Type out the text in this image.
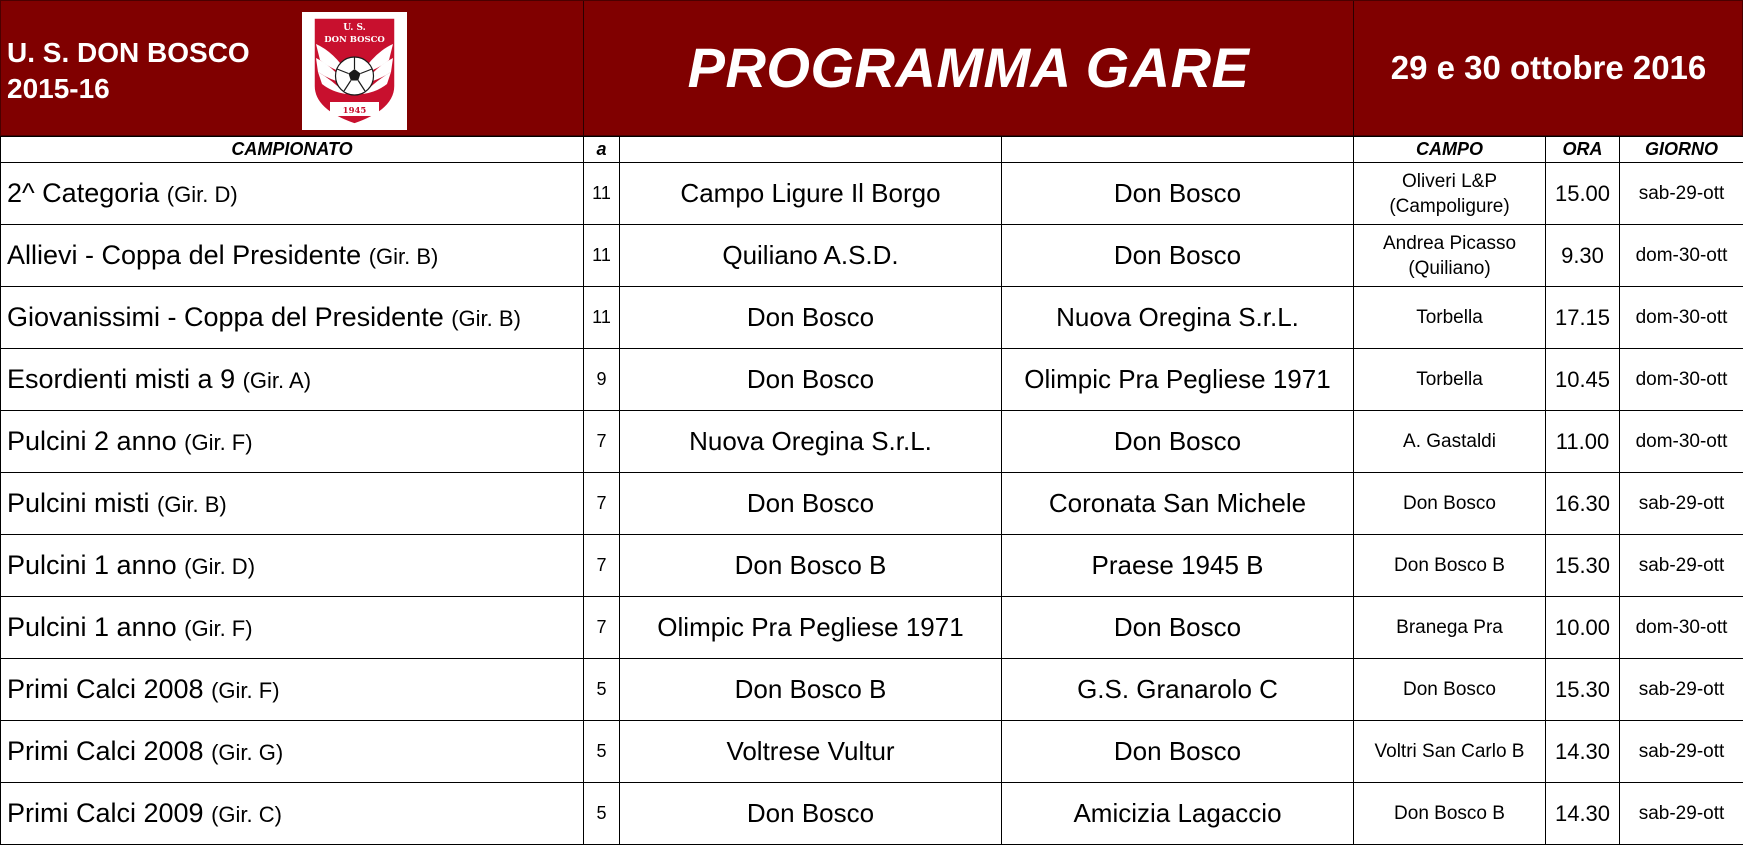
U. S. DON BOSCO
2015-16
U. S.
DON BOSCO
1945
PROGRAMMA GARE	29 e 30 ottobre 2016
CAMPIONATO	a			CAMPO	ORA	GIORNO
2^ Categoria (Gir. D)	11	Campo Ligure Il Borgo	Don Bosco	Oliveri L&P (Campoligure)	15.00	sab-29-ott
Allievi - Coppa del Presidente (Gir. B)	11	Quiliano A.S.D.	Don Bosco	Andrea Picasso (Quiliano)	9.30	dom-30-ott
Giovanissimi - Coppa del Presidente (Gir. B)	11	Don Bosco	Nuova Oregina S.r.L.	Torbella	17.15	dom-30-ott
Esordienti misti a 9 (Gir. A)	9	Don Bosco	Olimpic Pra Pegliese 1971	Torbella	10.45	dom-30-ott
Pulcini 2 anno (Gir. F)	7	Nuova Oregina S.r.L.	Don Bosco	A. Gastaldi	11.00	dom-30-ott
Pulcini misti (Gir. B)	7	Don Bosco	Coronata San Michele	Don Bosco	16.30	sab-29-ott
Pulcini 1 anno (Gir. D)	7	Don Bosco B	Praese 1945 B	Don Bosco B	15.30	sab-29-ott
Pulcini 1 anno (Gir. F)	7	Olimpic Pra Pegliese 1971	Don Bosco	Branega Pra	10.00	dom-30-ott
Primi Calci 2008 (Gir. F)	5	Don Bosco B	G.S. Granarolo C	Don Bosco	15.30	sab-29-ott
Primi Calci 2008 (Gir. G)	5	Voltrese Vultur	Don Bosco	Voltri San Carlo B	14.30	sab-29-ott
Primi Calci 2009 (Gir. C)	5	Don Bosco	Amicizia Lagaccio	Don Bosco B	14.30	sab-29-ott
